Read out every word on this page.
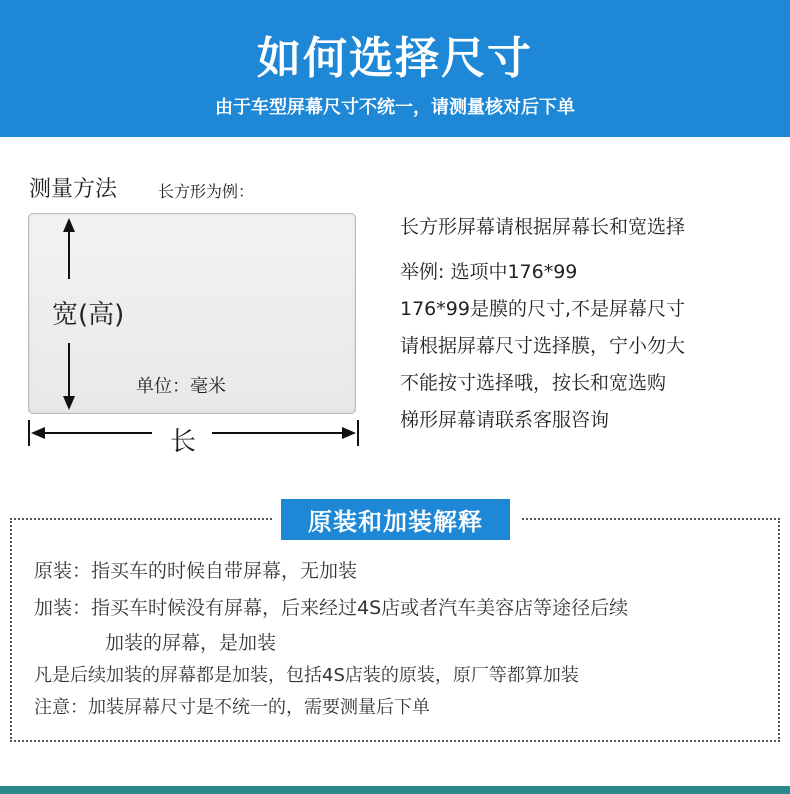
如何选择尺寸
由于车型屏幕尺寸不统一，请测量核对后下单
测量方法	长方形为例：
宽(高)
单位：毫米
长
长方形屏幕请根据屏幕长和宽选择
举例: 选项中176*99
176*99是膜的尺寸,不是屏幕尺寸
请根据屏幕尺寸选择膜，宁小勿大
不能按寸选择哦，按长和宽选购
梯形屏幕请联系客服咨询
原装和加装解释
原装：指买车的时候自带屏幕，无加装
加装：指买车时候没有屏幕，后来经过4S店或者汽车美容店等途径后续
加装的屏幕，是加装
凡是后续加装的屏幕都是加装，包括4S店装的原装，原厂等都算加装
注意：加装屏幕尺寸是不统一的，需要测量后下单
